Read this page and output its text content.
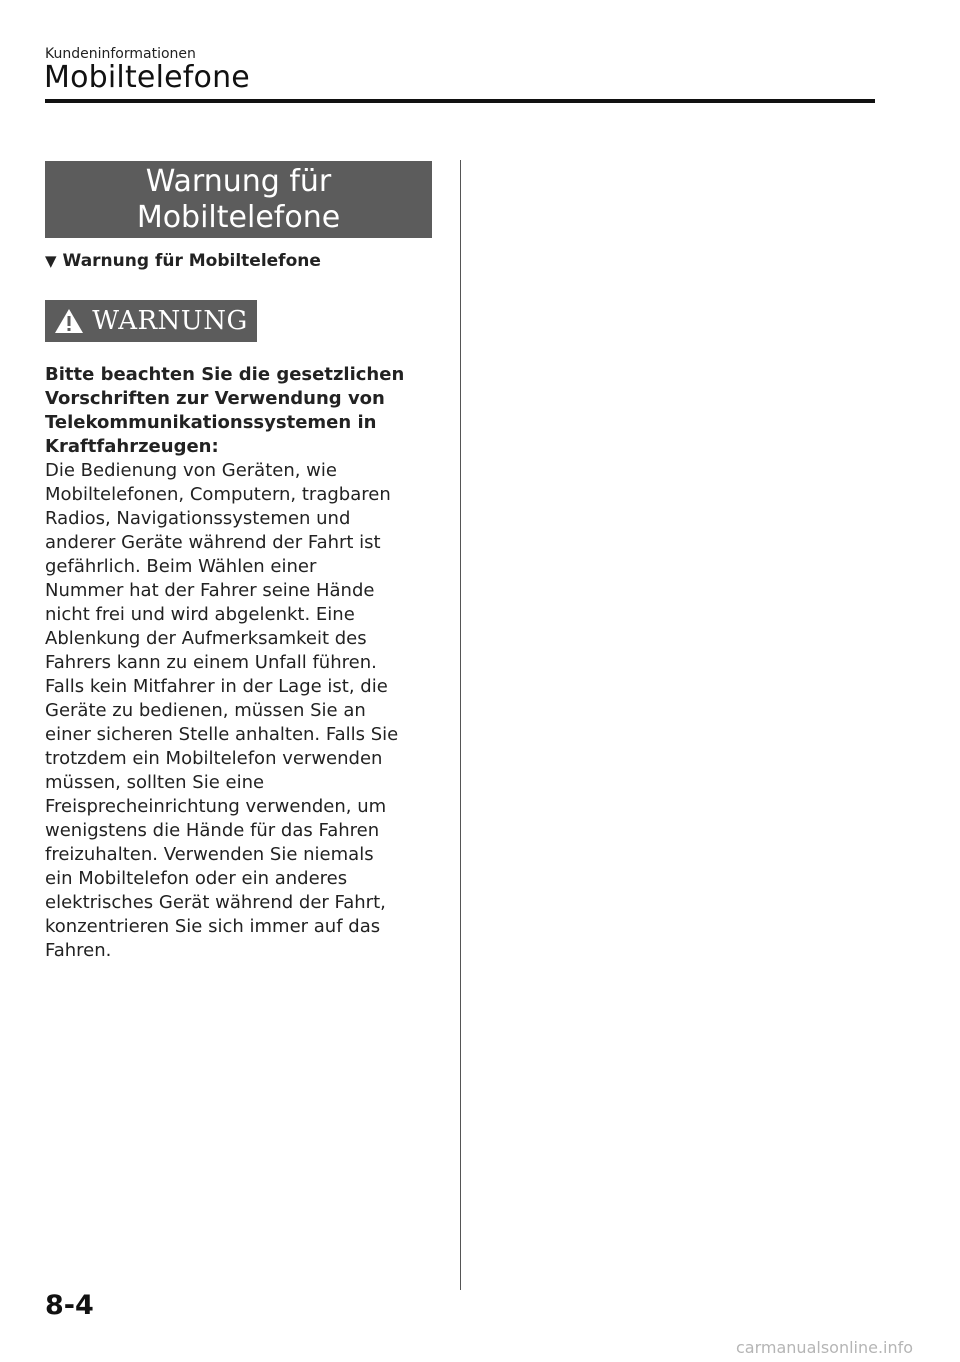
Kundeninformationen
Mobiltelefone
Warnung für
Mobiltelefone
▼ Warnung für Mobiltelefone
WARNUNG

Bitte beachten Sie die gesetzlichen
Vorschriften zur Verwendung von
Telekommunikationssystemen in
Kraftfahrzeugen:

Die Bedienung von Geräten, wie
Mobiltelefonen, Computern, tragbaren
Radios, Navigationssystemen und
anderer Geräte während der Fahrt ist
gefährlich. Beim Wählen einer
Nummer hat der Fahrer seine Hände
nicht frei und wird abgelenkt. Eine
Ablenkung der Aufmerksamkeit des
Fahrers kann zu einem Unfall führen.
Falls kein Mitfahrer in der Lage ist, die
Geräte zu bedienen, müssen Sie an
einer sicheren Stelle anhalten. Falls Sie
trotzdem ein Mobiltelefon verwenden
müssen, sollten Sie eine
Freisprecheinrichtung verwenden, um
wenigstens die Hände für das Fahren
freizuhalten. Verwenden Sie niemals
ein Mobiltelefon oder ein anderes
elektrisches Gerät während der Fahrt,
konzentrieren Sie sich immer auf das
Fahren.

8-4
carmanualsonline.info
